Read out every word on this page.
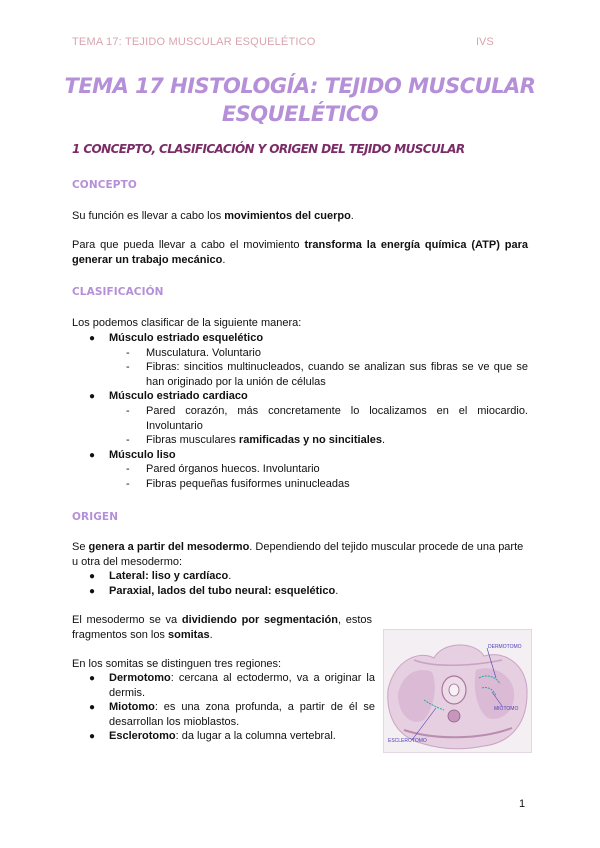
TEMA 17: TEJIDO MUSCULAR ESQUELÉTICO	IVS
TEMA 17 HISTOLOGÍA: TEJIDO MUSCULAR
ESQUELÉTICO
1 CONCEPTO, CLASIFICACIÓN Y ORIGEN DEL TEJIDO MUSCULAR
CONCEPTO
Su función es llevar a cabo los movimientos del cuerpo.
Para que pueda llevar a cabo el movimiento transforma la energía química (ATP) para generar un trabajo mecánico.
CLASIFICACIÓN
Los podemos clasificar de la siguiente manera:
● Músculo estriado esquelético
- Musculatura. Voluntario
- Fibras: sincitios multinucleados, cuando se analizan sus fibras se ve que se han originado por la unión de células
● Músculo estriado cardiaco
- Pared corazón, más concretamente lo localizamos en el miocardio. Involuntario
- Fibras musculares ramificadas y no sincitiales.
● Músculo liso
- Pared órganos huecos. Involuntario
- Fibras pequeñas fusiformes uninucleadas
ORIGEN
Se genera a partir del mesodermo. Dependiendo del tejido muscular procede de una parte u otra del mesodermo:
● Lateral: liso y cardíaco.
● Paraxial, lados del tubo neural: esquelético.
El mesodermo se va dividiendo por segmentación, estos fragmentos son los somitas.
En los somitas se distinguen tres regiones:
● Dermotomo: cercana al ectodermo, va a originar la dermis.
● Miotomo: es una zona profunda, a partir de él se desarrollan los mioblastos.
● Esclerotomo: da lugar a la columna vertebral.
DERMOTOMO
MIOTOMO
ESCLEROTOMO
1
